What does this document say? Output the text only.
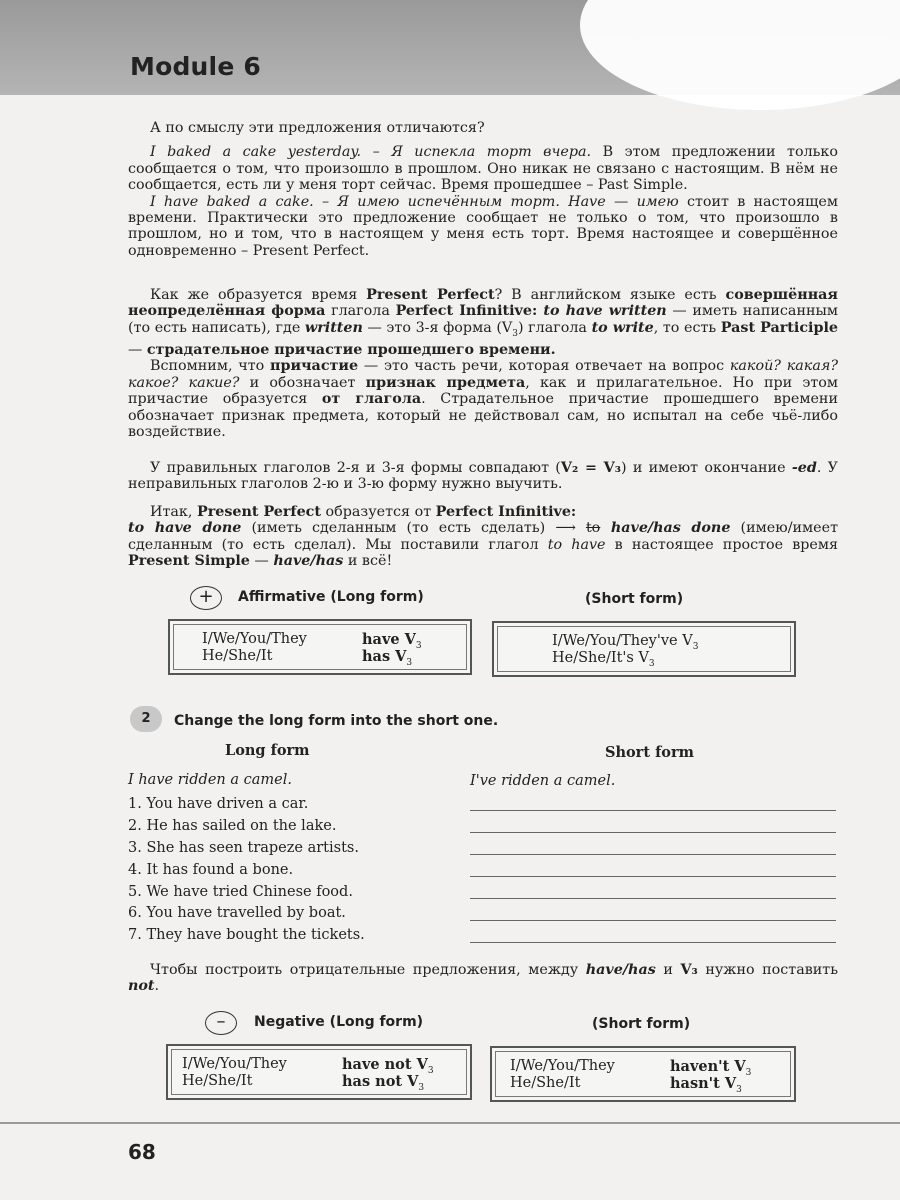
Module 6

А по смыслу эти предложения отличаются?

I baked a cake yesterday. – Я испекла торт вчера. В этом предложении только сообщается о том, что произошло в прошлом. Оно никак не связано с настоящим. В нём не сообщается, есть ли у меня торт сейчас. Время прошедшее – Past Simple.

I have baked a cake. – Я имею испечённым торт. Have — имею стоит в настоящем времени. Практически это предложение сообщает не только о том, что произошло в прошлом, но и том, что в настоящем у меня есть торт. Время настоящее и совершённое одновременно – Present Perfect.

Как же образуется время Present Perfect? В английском языке есть совершённая неопределённая форма глагола Perfect Infinitive: to have written — иметь написанным (то есть написать), где written — это 3-я форма $(V_3)$ глагола to write, то есть Past Participle — страдательное причастие прошедшего времени.

Вспомним, что причастие — это часть речи, которая отвечает на вопрос какой? какая? какое? какие? и обозначает признак предмета, как и прилагательное. Но при этом причастие образуется от глагола. Страдательное причастие прошедшего времени обозначает признак предмета, который не действовал сам, но испытал на себе чьё-либо воздействие.

У правильных глаголов 2-я и 3-я формы совпадают (V₂ = V₃) и имеют окончание -ed. У неправильных глаголов 2-ю и 3-ю форму нужно выучить.

Итак, Present Perfect образуется от Perfect Infinitive:
to have done (иметь сделанным (то есть сделать) ⟶ to have/has done (имею/имеет сделанным (то есть сделал). Мы поставили глагол to have в настоящее простое время Present Simple — have/has и всё!

+	Affirmative (Long form)	(Short form)
I/We/You/They	have $V_3$
He/She/It	has $V_3$
I/We/You/They've $V_3$
He/She/It's $V_3$
2	Change the long form into the short one.
Long form	Short form
I have ridden a camel.	I've ridden a camel.
1. You have driven a car.
2. He has sailed on the lake.
3. She has seen trapeze artists.
4. It has found a bone.
5. We have tried Chinese food.
6. You have travelled by boat.
7. They have bought the tickets.

Чтобы построить отрицательные предложения, между have/has и V₃ нужно поставить not.

–	Negative (Long form)	(Short form)
I/We/You/They	have not $V_3$
He/She/It	has not $V_3$
I/We/You/They	haven't $V_3$
He/She/It	hasn't $V_3$
68
